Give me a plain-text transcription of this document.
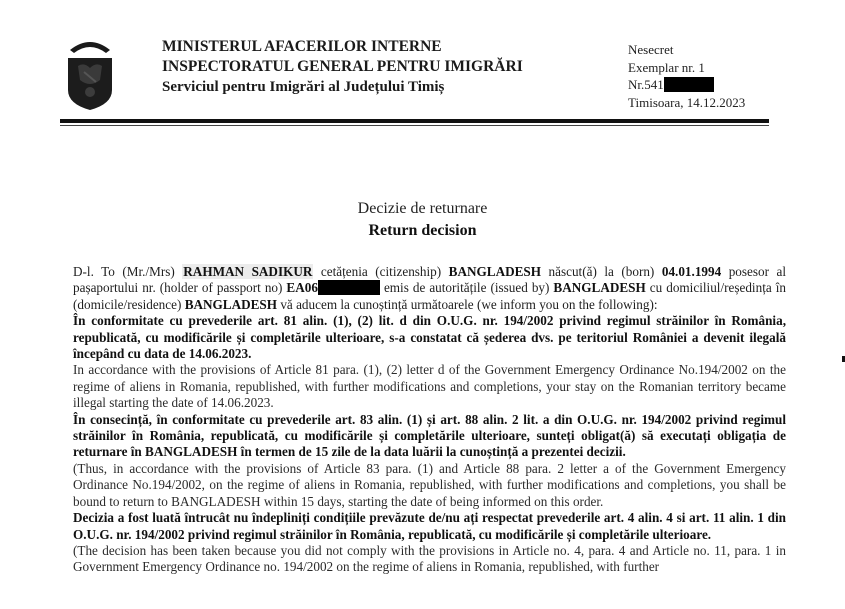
MINISTERUL AFACERILOR INTERNE
INSPECTORATUL GENERAL PENTRU IMIGRĂRI
Serviciul pentru Imigrări al Județului Timiș
Nesecret
Exemplar nr. 1
Nr.541
Timisoara, 14.12.2023
Decizie de returnare
Return decision

D-l. To (Mr./Mrs) RAHMAN SADIKUR cetățenia (citizenship) BANGLADESH născut(ă) la (born) 04.01.1994 posesor al pașaportului nr. (holder of passport no) EA06	emis de autoritățile (issued by) BANGLADESH cu domiciliul/reședința în (domicile/residence) BANGLADESH vă aducem la cunoștință următoarele (we inform you on the following):

În conformitate cu prevederile art. 81 alin. (1), (2) lit. d din O.U.G. nr. 194/2002 privind regimul străinilor în România, republicată, cu modificările și completările ulterioare, s-a constatat că șederea dvs. pe teritoriul României a devenit ilegală începând cu data de 14.06.2023.

In accordance with the provisions of Article 81 para. (1), (2) letter d of the Government Emergency Ordinance No.194/2002 on the regime of aliens in Romania, republished, with further modifications and completions, your stay on the Romanian territory became illegal starting the date of 14.06.2023.

În consecință, în conformitate cu prevederile art. 83 alin. (1) și art. 88 alin. 2 lit. a din O.U.G. nr. 194/2002 privind regimul străinilor în România, republicată, cu modificările și completările ulterioare, sunteți obligat(ă) să executați obligația de returnare în BANGLADESH în termen de 15 zile de la data luării la cunoștință a prezentei decizii.

(Thus, in accordance with the provisions of Article 83 para. (1) and Article 88 para. 2 letter a of the Government Emergency Ordinance No.194/2002, on the regime of aliens in Romania, republished, with further modifications and completions, you shall be bound to return to BANGLADESH within 15 days, starting the date of being informed on this order.

Decizia a fost luată întrucât nu îndepliniți condițiile prevăzute de/nu ați respectat prevederile art. 4 alin. 4 si art. 11 alin. 1 din O.U.G. nr. 194/2002 privind regimul străinilor în România, republicată, cu modificările și completările ulterioare.

(The decision has been taken because you did not comply with the provisions in Article no. 4, para. 4 and Article no. 11, para. 1 in Government Emergency Ordinance no. 194/2002 on the regime of aliens in Romania, republished, with further
